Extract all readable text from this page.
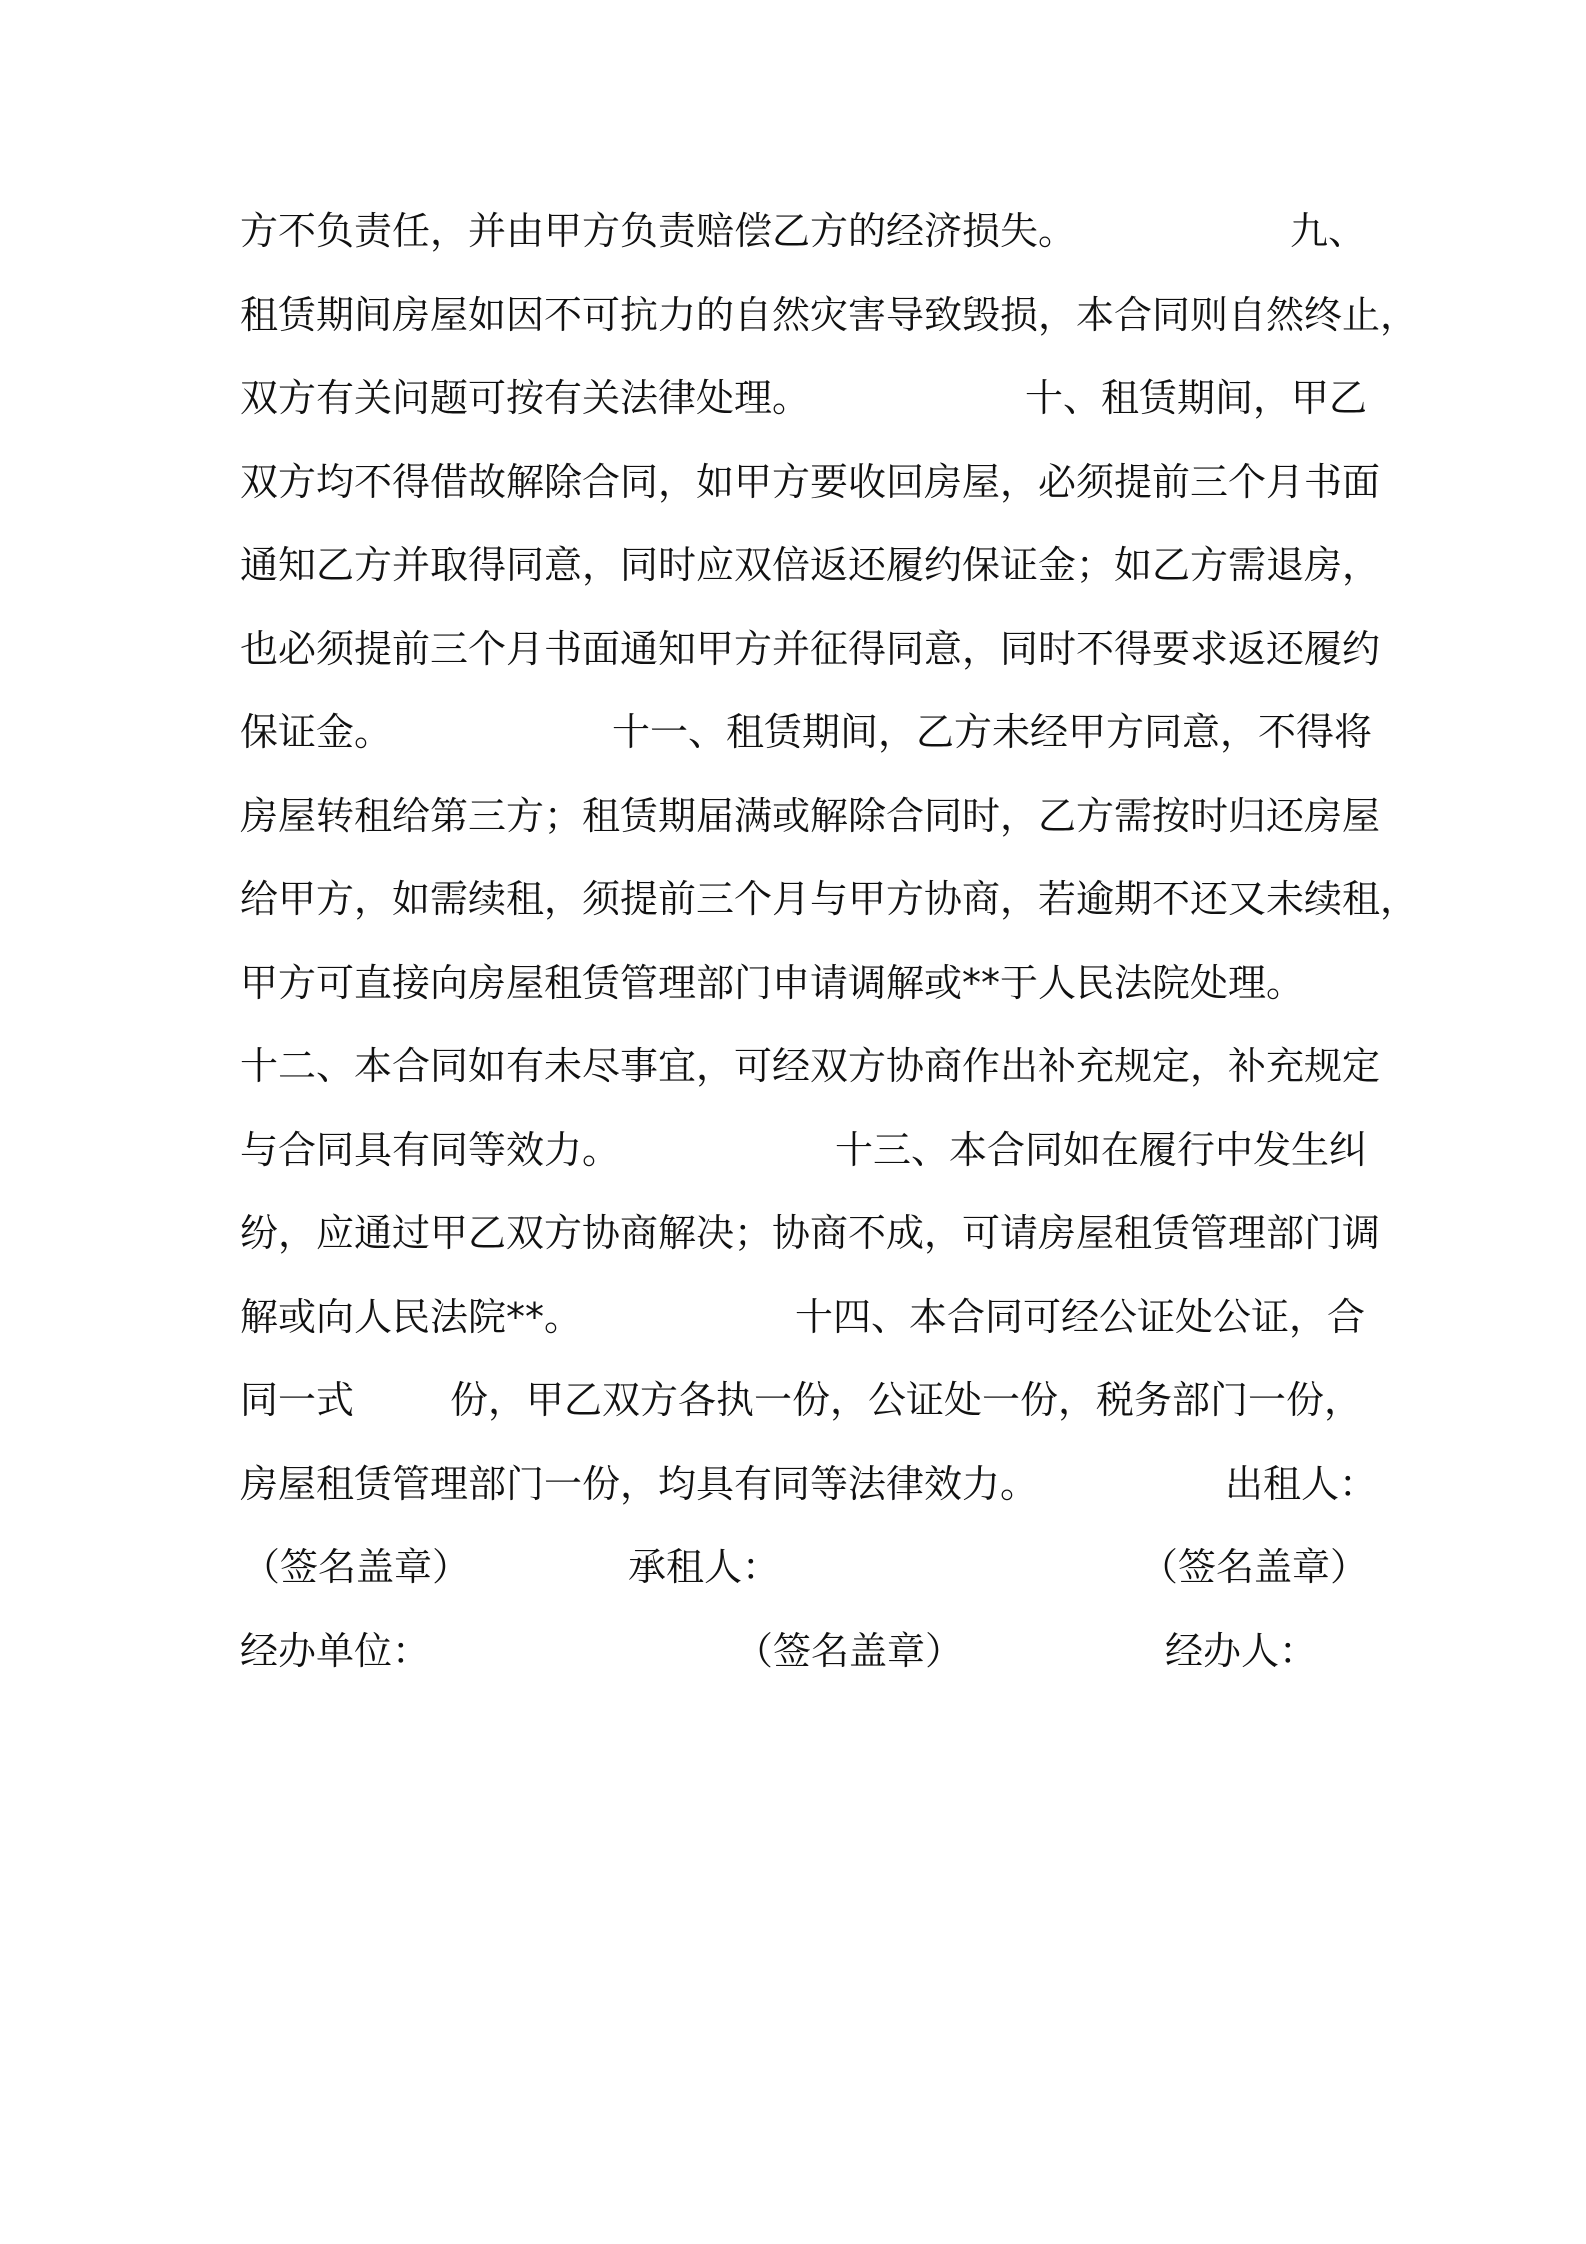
方不负责任，并由甲方负责赔偿乙方的经济损失。	九、
租赁期间房屋如因不可抗力的自然灾害导致毁损，本合同则自然终止，
双方有关问题可按有关法律处理。	十、租赁期间，甲乙
双方均不得借故解除合同，如甲方要收回房屋，必须提前三个月书面
通知乙方并取得同意，同时应双倍返还履约保证金；如乙方需退房，
也必须提前三个月书面通知甲方并征得同意，同时不得要求返还履约
保证金。	十一、租赁期间，乙方未经甲方同意，不得将
房屋转租给第三方；租赁期届满或解除合同时，乙方需按时归还房屋
给甲方，如需续租，须提前三个月与甲方协商，若逾期不还又未续租，
甲方可直接向房屋租赁管理部门申请调解或**于人民法院处理。
十二、本合同如有未尽事宜，可经双方协商作出补充规定，补充规定
与合同具有同等效力。	十三、本合同如在履行中发生纠
纷，应通过甲乙双方协商解决；协商不成，可请房屋租赁管理部门调
解或向人民法院**。	十四、本合同可经公证处公证，合
同一式	份，甲乙双方各执一份，公证处一份，税务部门一份，
房屋租赁管理部门一份，均具有同等法律效力。	出租人：
（签名盖章）	承租人：	（签名盖章）
经办单位：	（签名盖章）	经办人：
